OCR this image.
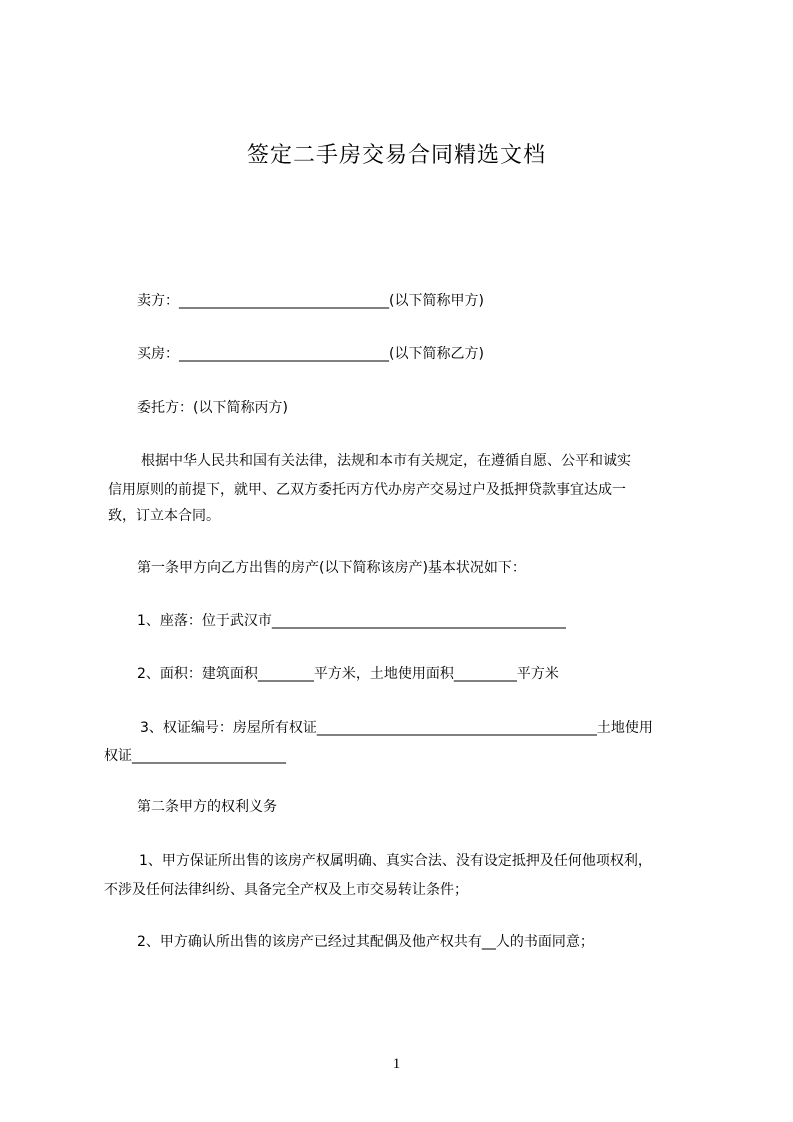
签定二手房交易合同精选文档
卖方：______________________________(以下简称甲方)
买房：______________________________(以下简称乙方)
委托方：(以下简称丙方)
根据中华人民共和国有关法律，法规和本市有关规定，在遵循自愿、公平和诚实
信用原则的前提下，就甲、乙双方委托丙方代办房产交易过户及抵押贷款事宜达成一
致，订立本合同。
第一条甲方向乙方出售的房产(以下简称该房产)基本状况如下：
1、座落：位于武汉市__________________________________________
2、面积：建筑面积________平方米，土地使用面积_________平方米
3、权证编号：房屋所有权证________________________________________土地使用
权证______________________
第二条甲方的权利义务
1、甲方保证所出售的该房产权属明确、真实合法、没有设定抵押及任何他项权利，
不涉及任何法律纠纷、具备完全产权及上市交易转让条件；
2、甲方确认所出售的该房产已经过其配偶及他产权共有__人的书面同意；
1
